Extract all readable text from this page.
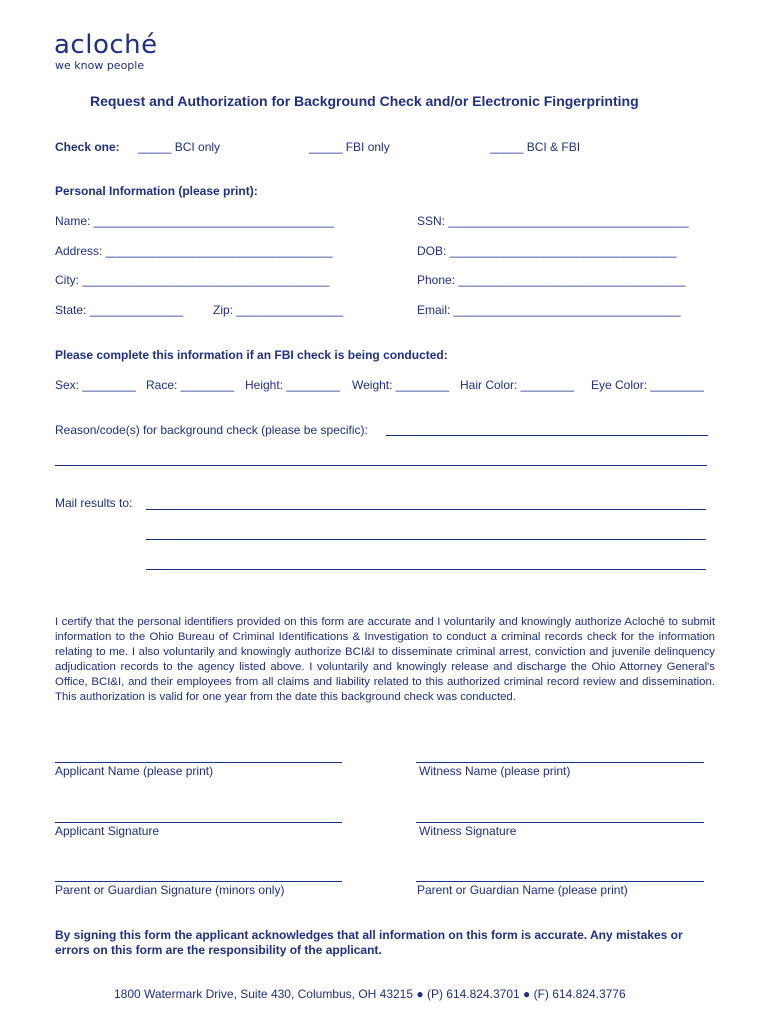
acloché
we know people
Request and Authorization for Background Check and/or Electronic Fingerprinting
Check one: _____ BCI only	_____ FBI only	_____ BCI & FBI
Personal Information (please print):
Name: ____________________________________	SSN: ____________________________________
Address: __________________________________	DOB: __________________________________
City: _____________________________________	Phone: __________________________________
State: ______________ Zip: ________________	Email: __________________________________
Please complete this information if an FBI check is being conducted:
Sex: ________ Race: ________ Height: ________ Weight: ________ Hair Color: ________ Eye Color: ________
Reason/code(s) for background check (please be specific):
Mail results to:
I certify that the personal identifiers provided on this form are accurate and I voluntarily and knowingly authorize Acloché to submit information to the Ohio Bureau of Criminal Identifications & Investigation to conduct a criminal records check for the information relating to me. I also voluntarily and knowingly authorize BCI&I to disseminate criminal arrest, conviction and juvenile delinquency adjudication records to the agency listed above. I voluntarily and knowingly release and discharge the Ohio Attorney General's Office, BCI&I, and their employees from all claims and liability related to this authorized criminal record review and dissemination. This authorization is valid for one year from the date this background check was conducted.
Applicant Name (please print)	Witness Name (please print)
Applicant Signature	Witness Signature
Parent or Guardian Signature (minors only)	Parent or Guardian Name (please print)
By signing this form the applicant acknowledges that all information on this form is accurate. Any mistakes or errors on this form are the responsibility of the applicant.
1800 Watermark Drive, Suite 430, Columbus, OH 43215 ● (P) 614.824.3701 ● (F) 614.824.3776
